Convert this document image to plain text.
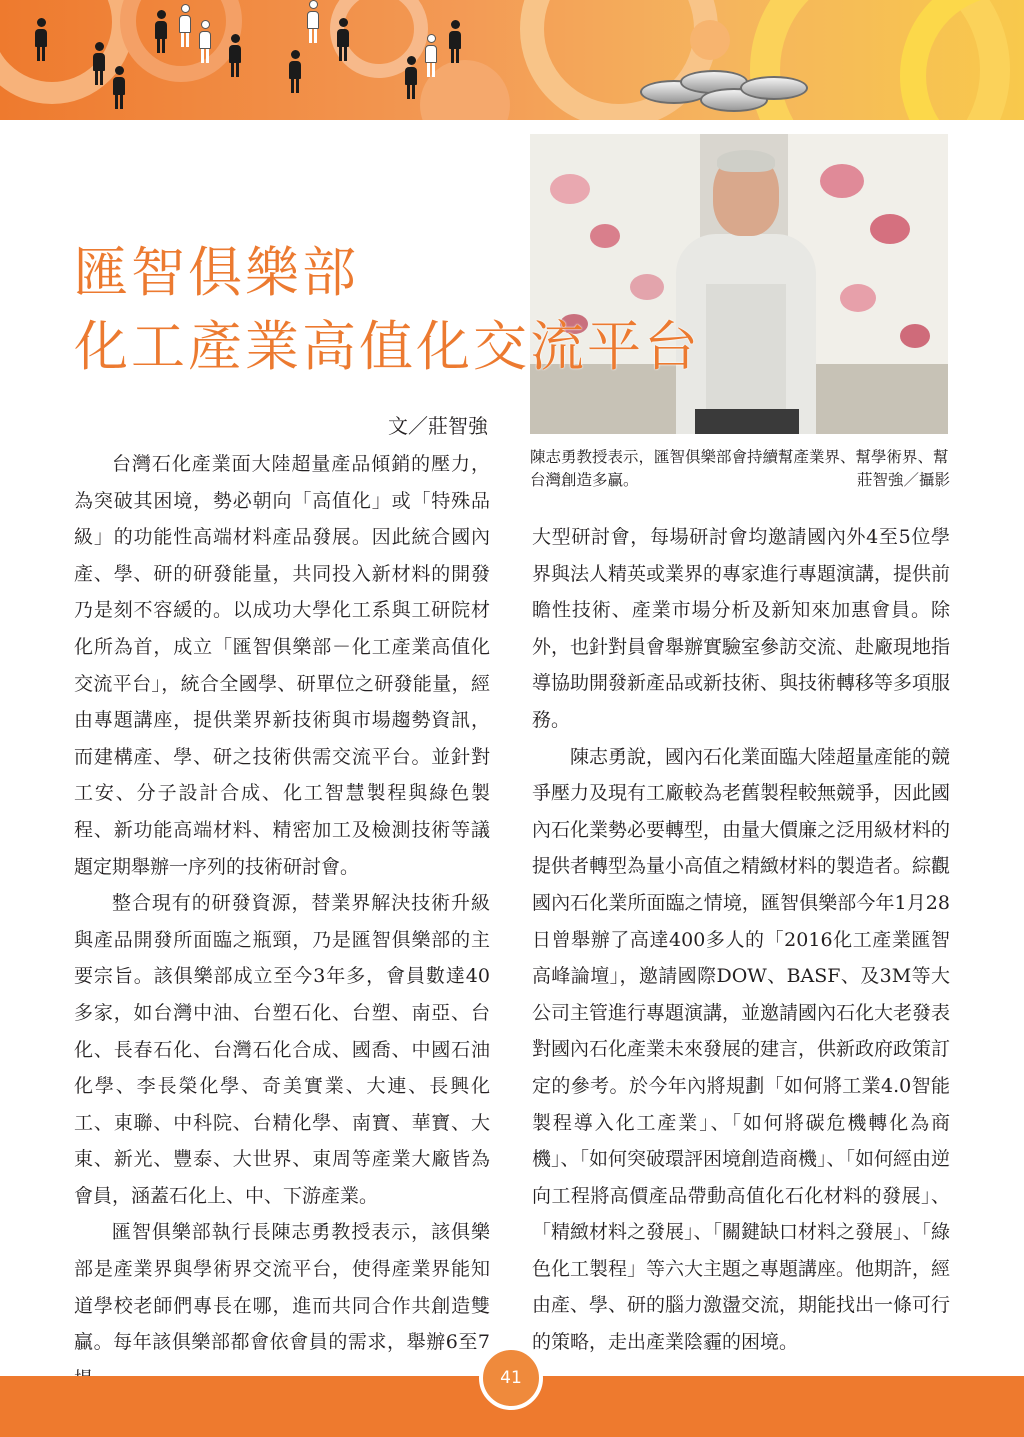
匯智俱樂部
化工產業高值化交流平台

陳志勇教授表示，匯智俱樂部會持續幫產業界、幫學術界、幫台灣創造多贏。	莊智強／攝影

文／莊智強

台灣石化產業面大陸超量產品傾銷的壓力，為突破其困境，勢必朝向「高值化」或「特殊品級」的功能性高端材料產品發展。因此統合國內產、學、研的研發能量，共同投入新材料的開發乃是刻不容緩的。以成功大學化工系與工研院材化所為首，成立「匯智俱樂部－化工產業高值化交流平台」，統合全國學、研單位之研發能量，經由專題講座，提供業界新技術與市場趨勢資訊，而建構產、學、研之技術供需交流平台。並針對工安、分子設計合成、化工智慧製程與綠色製程、新功能高端材料、精密加工及檢測技術等議題定期舉辦一序列的技術研討會。

整合現有的研發資源，替業界解決技術升級與產品開發所面臨之瓶頸，乃是匯智俱樂部的主要宗旨。該俱樂部成立至今3年多，會員數達40多家，如台灣中油、台塑石化、台塑、南亞、台化、長春石化、台灣石化合成、國喬、中國石油化學、李長榮化學、奇美實業、大連、長興化工、東聯、中科院、台精化學、南寶、華寶、大東、新光、豐泰、大世界、東周等產業大廠皆為會員，涵蓋石化上、中、下游產業。

匯智俱樂部執行長陳志勇教授表示，該俱樂部是產業界與學術界交流平台，使得產業界能知道學校老師們專長在哪，進而共同合作共創造雙贏。每年該俱樂部都會依會員的需求，舉辦6至7

大型研討會，每場研討會均邀請國內外4至5位學界與法人精英或業界的專家進行專題演講，提供前瞻性技術、產業市場分析及新知來加惠會員。除外，也針對員會舉辦實驗室參訪交流、赴廠現地指導協助開發新產品或新技術、與技術轉移等多項服務。

陳志勇說，國內石化業面臨大陸超量產能的競爭壓力及現有工廠較為老舊製程較無競爭，因此國內石化業勢必要轉型，由量大價廉之泛用級材料的提供者轉型為量小高值之精緻材料的製造者。綜觀國內石化業所面臨之情境，匯智俱樂部今年1月28日曾舉辦了高達400多人的「2016化工產業匯智高峰論壇」，邀請國際DOW、BASF、及3M等大公司主管進行專題演講，並邀請國內石化大老發表對國內石化產業未來發展的建言，供新政府政策訂定的參考。於今年內將規劃「如何將工業4.0智能製程導入化工產業」、「如何將碳危機轉化為商機」、「如何突破環評困境創造商機」、「如何經由逆向工程將高價產品帶動高值化石化材料的發展」、「精緻材料之發展」、「關鍵缺口材料之發展」、「綠色化工製程」等六大主題之專題講座。他期許，經由產、學、研的腦力激盪交流，期能找出一條可行的策略，走出產業陰霾的困境。

41
